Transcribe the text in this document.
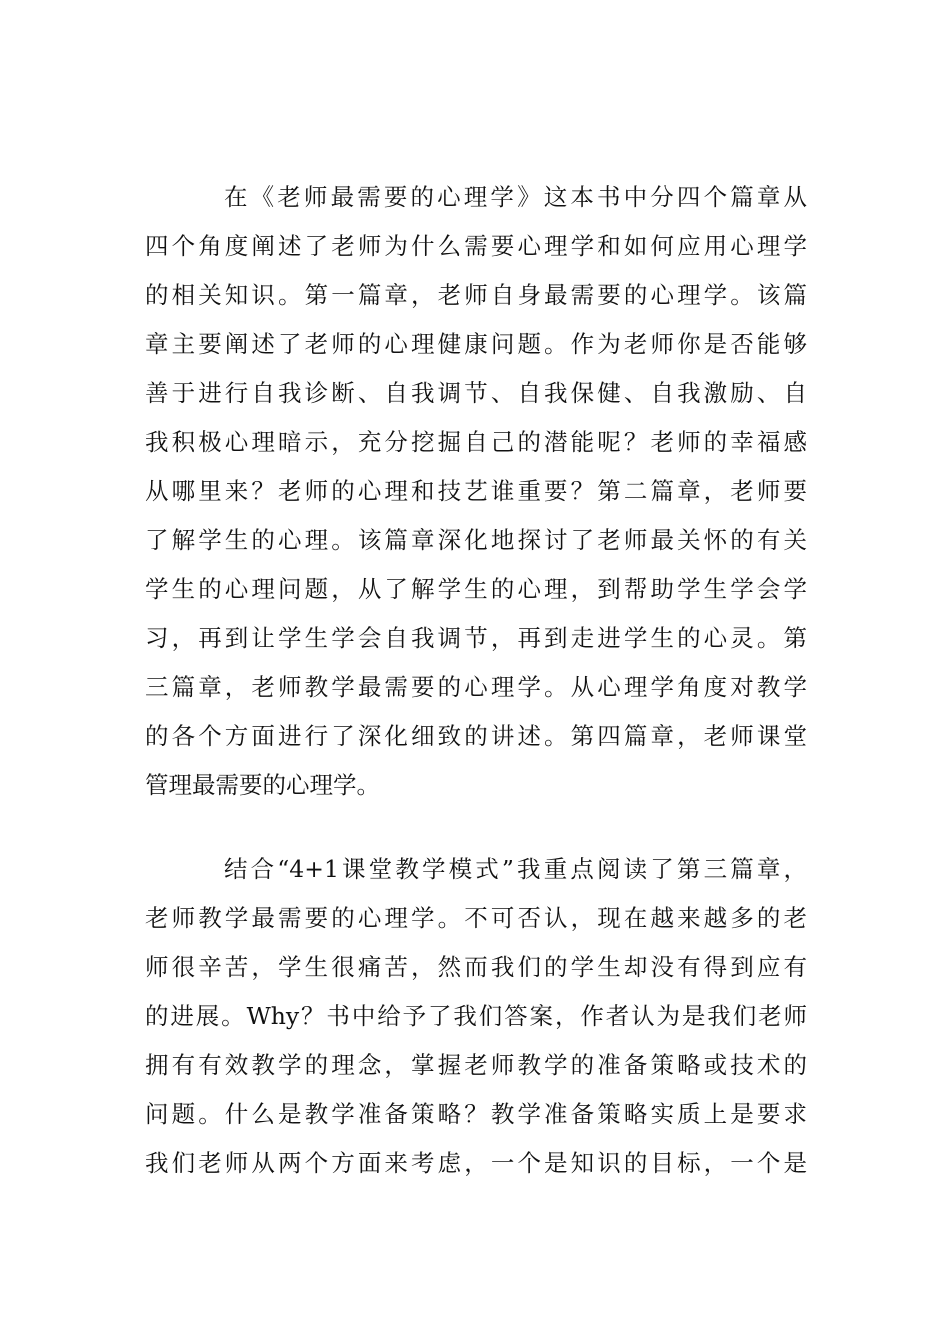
在《老师最需要的心理学》这本书中分四个篇章从
四个角度阐述了老师为什么需要心理学和如何应用心理学
的相关知识。第一篇章，老师自身最需要的心理学。该篇
章主要阐述了老师的心理健康问题。作为老师你是否能够
善于进行自我诊断、自我调节、自我保健、自我激励、自
我积极心理暗示，充分挖掘自己的潜能呢？老师的幸福感
从哪里来？老师的心理和技艺谁重要？第二篇章，老师要
了解学生的心理。该篇章深化地探讨了老师最关怀的有关
学生的心理问题，从了解学生的心理，到帮助学生学会学
习，再到让学生学会自我调节，再到走进学生的心灵。第
三篇章，老师教学最需要的心理学。从心理学角度对教学
的各个方面进行了深化细致的讲述。第四篇章，老师课堂
管理最需要的心理学。
结合“4+1课堂教学模式”我重点阅读了第三篇章，
老师教学最需要的心理学。不可否认，现在越来越多的老
师很辛苦，学生很痛苦，然而我们的学生却没有得到应有
的进展。Why？书中给予了我们答案，作者认为是我们老师
拥有有效教学的理念，掌握老师教学的准备策略或技术的
问题。什么是教学准备策略？教学准备策略实质上是要求
我们老师从两个方面来考虑，一个是知识的目标，一个是
